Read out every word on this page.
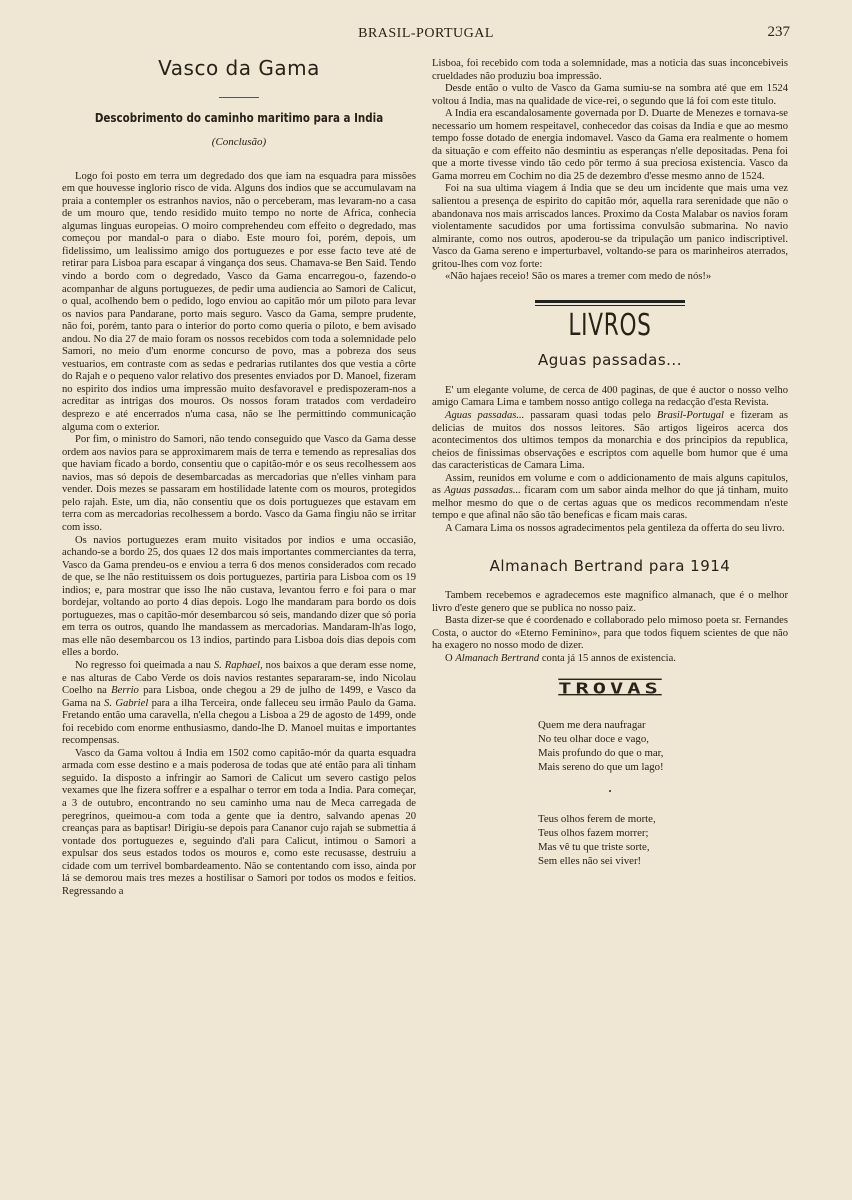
BRASIL-PORTUGAL	237
Vasco da Gama
Descobrimento do caminho maritimo para a India
(Conclusão)

Logo foi posto em terra um degredado dos que iam na esquadra para missões em que houvesse inglorio risco de vida. Alguns dos indios que se accumulavam na praia a contempler os estranhos navios, não o perceberam, mas levaram-no a casa de um mouro que, tendo residido muito tempo no norte de Africa, conhecia algumas linguas europeias. O moiro comprehendeu com effeito o degredado, mas começou por mandal-o para o diabo. Este mouro foi, porém, depois, um fidelissimo, um lealissimo amigo dos portuguezes e por esse facto teve até de retirar para Lisboa para escapar á vingança dos seus. Chamava-se Ben Said. Tendo vindo a bordo com o degredado, Vasco da Gama encarregou-o, fazendo-o acompanhar de alguns portuguezes, de pedir uma audiencia ao Samori de Calicut, o qual, acolhendo bem o pedido, logo enviou ao capitão mór um piloto para levar os navios para Pandarane, porto mais seguro. Vasco da Gama, sempre prudente, não foi, porém, tanto para o interior do porto como queria o piloto, e bem avisado andou. No dia 27 de maio foram os nossos recebidos com toda a solemnidade pelo Samori, no meio d'um enorme concurso de povo, mas a pobreza dos seus vestuarios, em contraste com as sedas e pedrarias rutilantes dos que vestia a côrte do Rajah e o pequeno valor relativo dos presentes enviados por D. Manoel, fizeram no espirito dos indios uma impressão muito desfavoravel e predispozeram-nos a acreditar as intrigas dos mouros. Os nossos foram tratados com verdadeiro desprezo e até encerrados n'uma casa, não se lhe permittindo communicação alguma com o exterior.

Por fim, o ministro do Samori, não tendo conseguido que Vasco da Gama desse ordem aos navios para se approximarem mais de terra e temendo as represalias dos que haviam ficado a bordo, consentiu que o capitão-mór e os seus recolhessem aos navios, mas só depois de desembarcadas as mercadorias que n'elles vinham para vender. Dois mezes se passaram em hostilidade latente com os mouros, protegidos pelo rajah. Este, um dia, não consentiu que os dois portuguezes que estavam em terra com as mercadorias recolhessem a bordo. Vasco da Gama fingiu não se irritar com isso.

Os navios portuguezes eram muito visitados por indios e uma occasião, achando-se a bordo 25, dos quaes 12 dos mais importantes commerciantes da terra, Vasco da Gama prendeu-os e enviou a terra 6 dos menos considerados com recado de que, se lhe não restituissem os dois portuguezes, partiria para Lisboa com os 19 indios; e, para mostrar que isso lhe não custava, levantou ferro e foi para o mar bordejar, voltando ao porto 4 dias depois. Logo lhe mandaram para bordo os dois portuguezes, mas o capitão-mór desembarcou só seis, mandando dizer que só poria em terra os outros, quando lhe mandassem as mercadorias. Mandaram-lh'as logo, mas elle não desembarcou os 13 indios, partindo para Lisboa dois dias depois com elles a bordo.

No regresso foi queimada a nau S. Raphael, nos baixos a que deram esse nome, e nas alturas de Cabo Verde os dois navios restantes separaram-se, indo Nicolau Coelho na Berrio para Lisboa, onde chegou a 29 de julho de 1499, e Vasco da Gama na S. Gabriel para a ilha Terceira, onde falleceu seu irmão Paulo da Gama. Fretando então uma caravella, n'ella chegou a Lisboa a 29 de agosto de 1499, onde foi recebido com enorme enthusiasmo, dando-lhe D. Manoel muitas e importantes recompensas.

Vasco da Gama voltou á India em 1502 como capitão-mór da quarta esquadra armada com esse destino e a mais poderosa de todas que até então para ali tinham seguido. Ia disposto a infringir ao Samori de Calicut um severo castigo pelos vexames que lhe fizera soffrer e a espalhar o terror em toda a India. Para começar, a 3 de outubro, encontrando no seu caminho uma nau de Meca carregada de peregrinos, queimou-a com toda a gente que ia dentro, salvando apenas 20 creanças para as baptisar! Dirigiu-se depois para Cananor cujo rajah se submettia á vontade dos portuguezes e, seguindo d'ali para Calicut, intimou o Samori a expulsar dos seus estados todos os mouros e, como este recusasse, destruiu a cidade com um terrivel bombardeamento. Não se contentando com isso, ainda por lá se demorou mais tres mezes a hostilisar o Samori por todos os modos e feitios. Regressando a

Lisboa, foi recebido com toda a solemnidade, mas a noticia das suas inconcebiveis crueldades não produziu boa impressão.

Desde então o vulto de Vasco da Gama sumiu-se na sombra até que em 1524 voltou á India, mas na qualidade de vice-rei, o segundo que lá foi com este titulo.

A India era escandalosamente governada por D. Duarte de Menezes e tornava-se necessario um homem respeitavel, conhecedor das coisas da India e que ao mesmo tempo fosse dotado de energia indomavel. Vasco da Gama era realmente o homem da situação e com effeito não desmintiu as esperanças n'elle depositadas. Pena foi que a morte tivesse vindo tão cedo pôr termo á sua preciosa existencia. Vasco da Gama morreu em Cochim no dia 25 de dezembro d'esse mesmo anno de 1524.

Foi na sua ultima viagem á India que se deu um incidente que mais uma vez salientou a presença de espirito do capitão mór, aquella rara serenidade que não o abandonava nos mais arriscados lances. Proximo da Costa Malabar os navios foram violentamente sacudidos por uma fortissima convulsão submarina. No navio almirante, como nos outros, apoderou-se da tripulação um panico indiscriptivel. Vasco da Gama sereno e imperturbavel, voltando-se para os marinheiros aterrados, gritou-lhes com voz forte:

«Não hajaes receio! São os mares a tremer com medo de nós!»

LIVROS
Aguas passadas...

E' um elegante volume, de cerca de 400 paginas, de que é auctor o nosso velho amigo Camara Lima e tambem nosso antigo collega na redacção d'esta Revista.

Aguas passadas... passaram quasi todas pelo Brasil-Portugal e fizeram as delicias de muitos dos nossos leitores. São artigos ligeiros acerca dos acontecimentos dos ultimos tempos da monarchia e dos principios da republica, cheios de finissimas observações e escriptos com aquelle bom humor que é uma das caracteristicas de Camara Lima.

Assim, reunidos em volume e com o addicionamento de mais alguns capitulos, as Aguas passadas... ficaram com um sabor ainda melhor do que já tinham, muito melhor mesmo do que o de certas aguas que os medicos recommendam n'este tempo e que afinal não são tão beneficas e ficam mais caras.

A Camara Lima os nossos agradecimentos pela gentileza da offerta do seu livro.

Almanach Bertrand para 1914

Tambem recebemos e agradecemos este magnifico almanach, que é o melhor livro d'este genero que se publica no nosso paiz.

Basta dizer-se que é coordenado e collaborado pelo mimoso poeta sr. Fernandes Costa, o auctor do «Eterno Feminino», para que todos fiquem scientes de que não ha exagero no nosso modo de dizer.

O Almanach Bertrand conta já 15 annos de existencia.

TROVAS
Quem me dera naufragar
No teu olhar doce e vago,
Mais profundo do que o mar,
Mais sereno do que um lago!
•
Teus olhos ferem de morte,
Teus olhos fazem morrer;
Mas vê tu que triste sorte,
Sem elles não sei viver!
